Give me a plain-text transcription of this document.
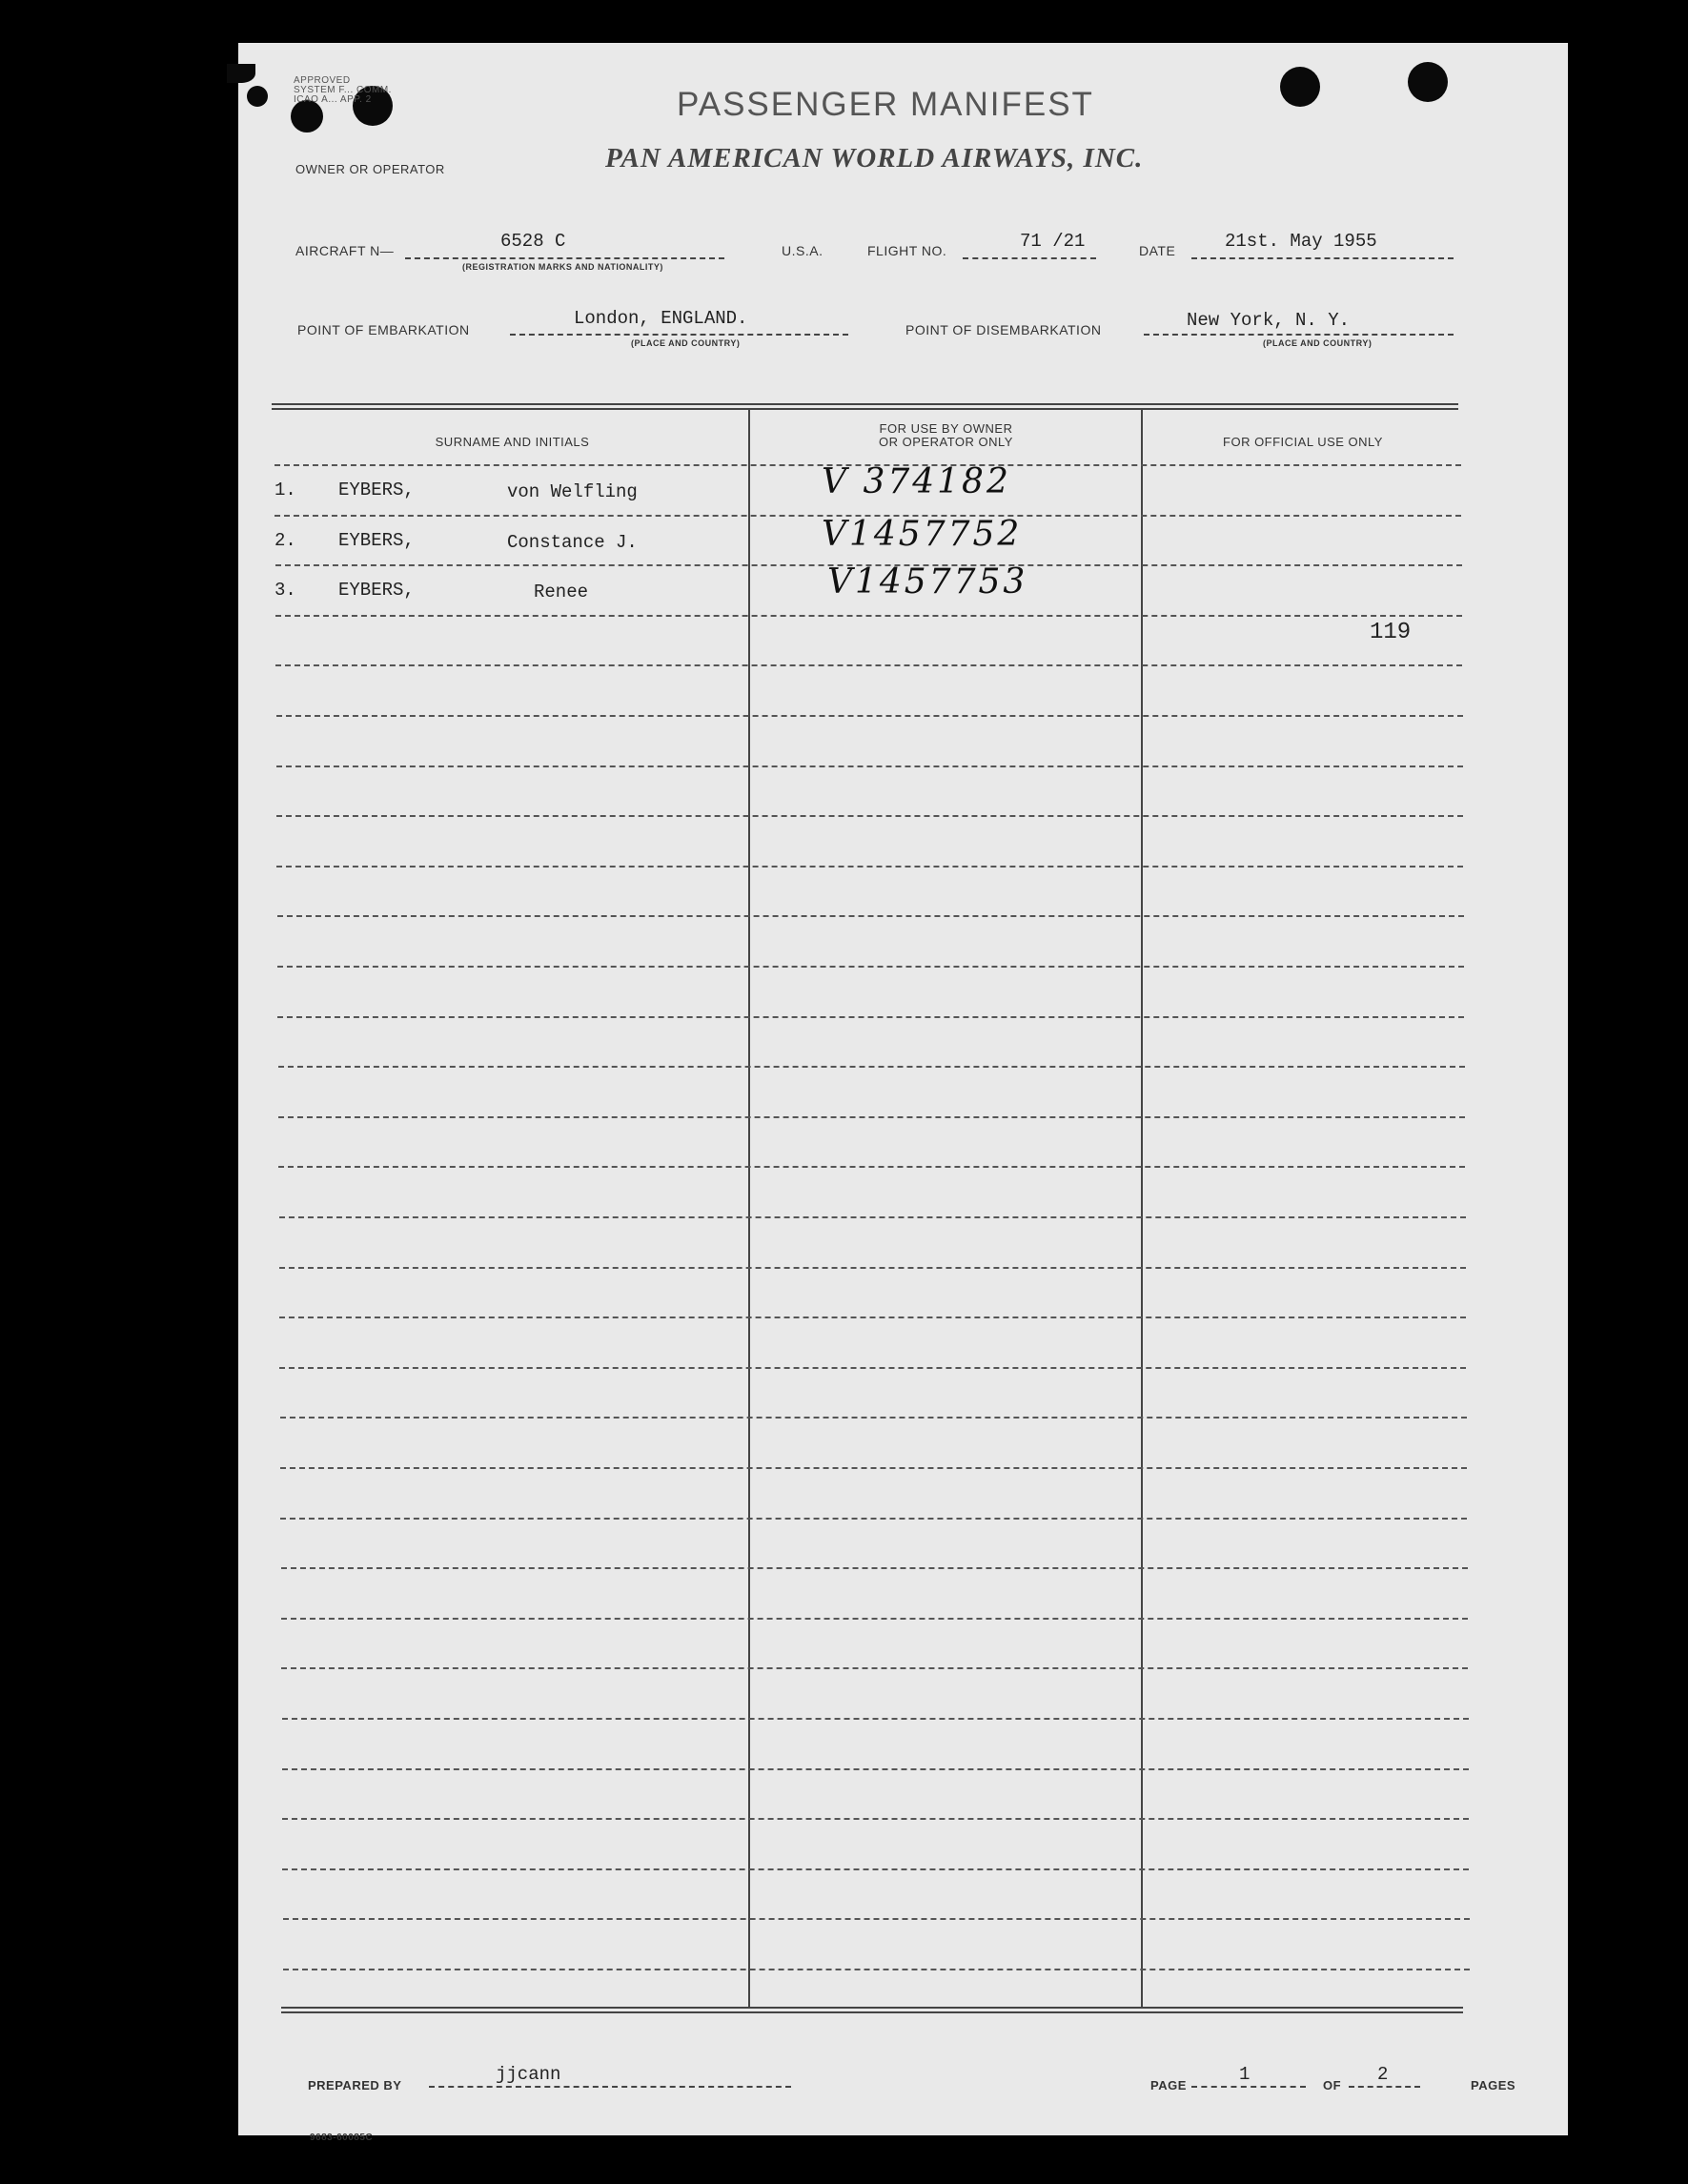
APPROVED
SYSTEM F... COMM.
ICAO A... APP. 2	PASSENGER MANIFEST
OWNER OR OPERATOR	PAN AMERICAN WORLD AIRWAYS, INC.
AIRCRAFT N—	6528 C
(REGISTRATION MARKS AND NATIONALITY)
U.S.A.	FLIGHT NO.	71 /21	DATE	21st. May 1955
POINT OF EMBARKATION
London, ENGLAND.
(PLACE AND COUNTRY)
POINT OF DISEMBARKATION	New York, N. Y.
(PLACE AND COUNTRY)
SURNAME AND INITIALS
FOR USE BY OWNER
OR OPERATOR ONLY	FOR OFFICIAL USE ONLY
1. EYBERS,	von Welfling	V 374182
2. EYBERS,	Constance J.	V1457752
3. EYBERS,	Renee	V1457753
119
PREPARED BY
jjcann
PAGE
1
OF
2
PAGES
9683-60085C
